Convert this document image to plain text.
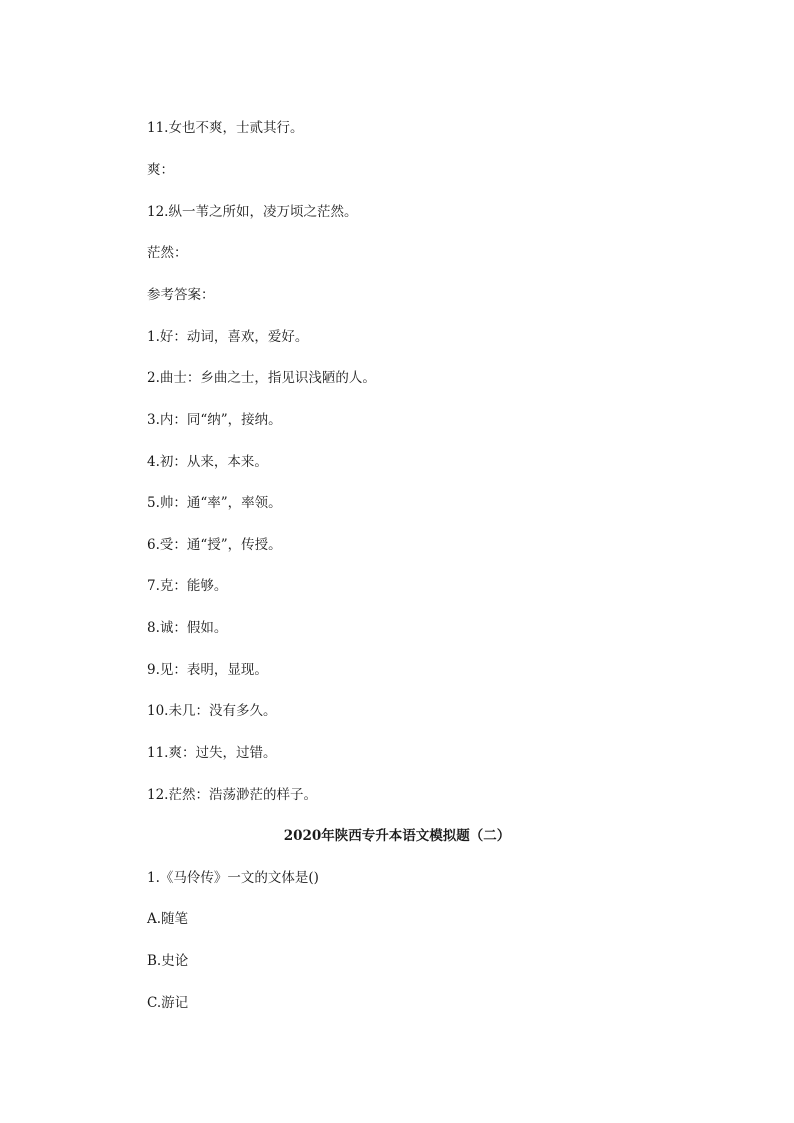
11.女也不爽，士贰其行。
爽：
12.纵一苇之所如，凌万顷之茫然。
茫然：
参考答案：
1.好：动词，喜欢，爱好。
2.曲士：乡曲之士，指见识浅陋的人。
3.内：同“纳”，接纳。
4.初：从来，本来。
5.帅：通“率”，率领。
6.受：通“授”，传授。
7.克：能够。
8.诚：假如。
9.见：表明，显现。
10.未几：没有多久。
11.爽：过失，过错。
12.茫然：浩荡渺茫的样子。
2020年陕西专升本语文模拟题（二）
1.《马伶传》一文的文体是()
A.随笔
B.史论
C.游记
